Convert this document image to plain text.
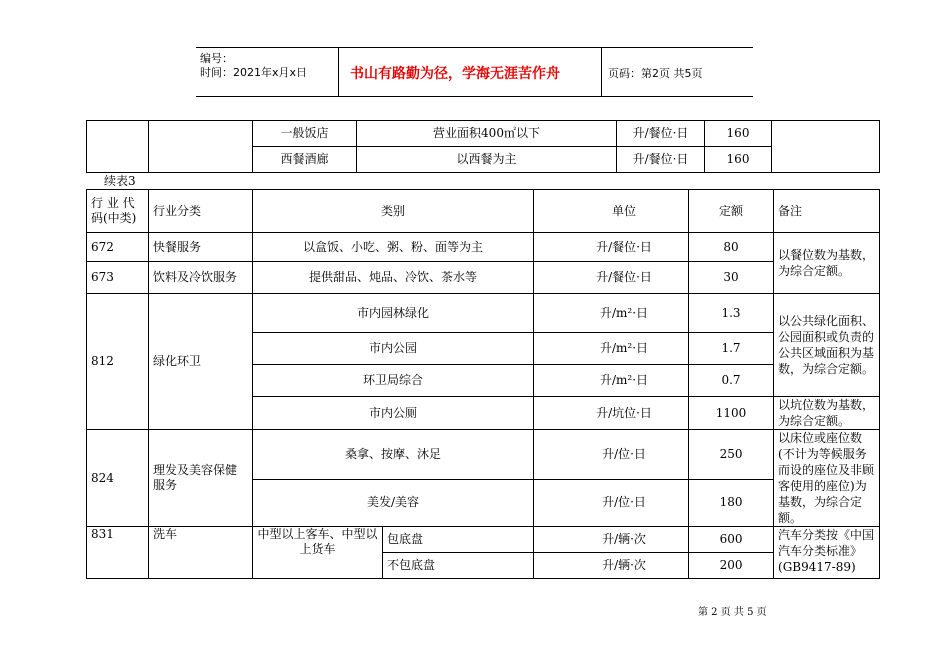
编号：
时间：2021年x月x日	书山有路勤为径，学海无涯苦作舟	页码：第2页 共5页
		一般饭店	营业面积400㎡以下	升/餐位·日	160	
		西餐酒廊	以西餐为主	升/餐位·日	160	
续表3
行 业 代码(中类)	行业分类	类别		单位	定额	备注
672	快餐服务	以盒饭、小吃、粥、粉、面等为主		升/餐位·日	80	以餐位数为基数，为综合定额。
673	饮料及冷饮服务	提供甜品、炖品、冷饮、茶水等		升/餐位·日	30	
812	绿化环卫	市内园林绿化		升/m²·日	1.3	以公共绿化面积、公园面积或负责的公共区域面积为基数，为综合定额。
		市内公园		升/m²·日	1.7	
		环卫局综合		升/m²·日	0.7	
		市内公厕		升/坑位·日	1100	以坑位数为基数，为综合定额。
824	理发及美容保健服务	桑拿、按摩、沐足		升/位·日	250	以床位或座位数(不计为等候服务而设的座位及非顾客使用的座位)为基数，为综合定额。
		美发/美容		升/位·日	180	
831	洗车	中型以上客车、中型以上货车	包底盘	升/辆·次	600	汽车分类按《中国汽车分类标准》(GB9417-89)
			不包底盘	升/辆·次	200	
第 2 页 共 5 页
